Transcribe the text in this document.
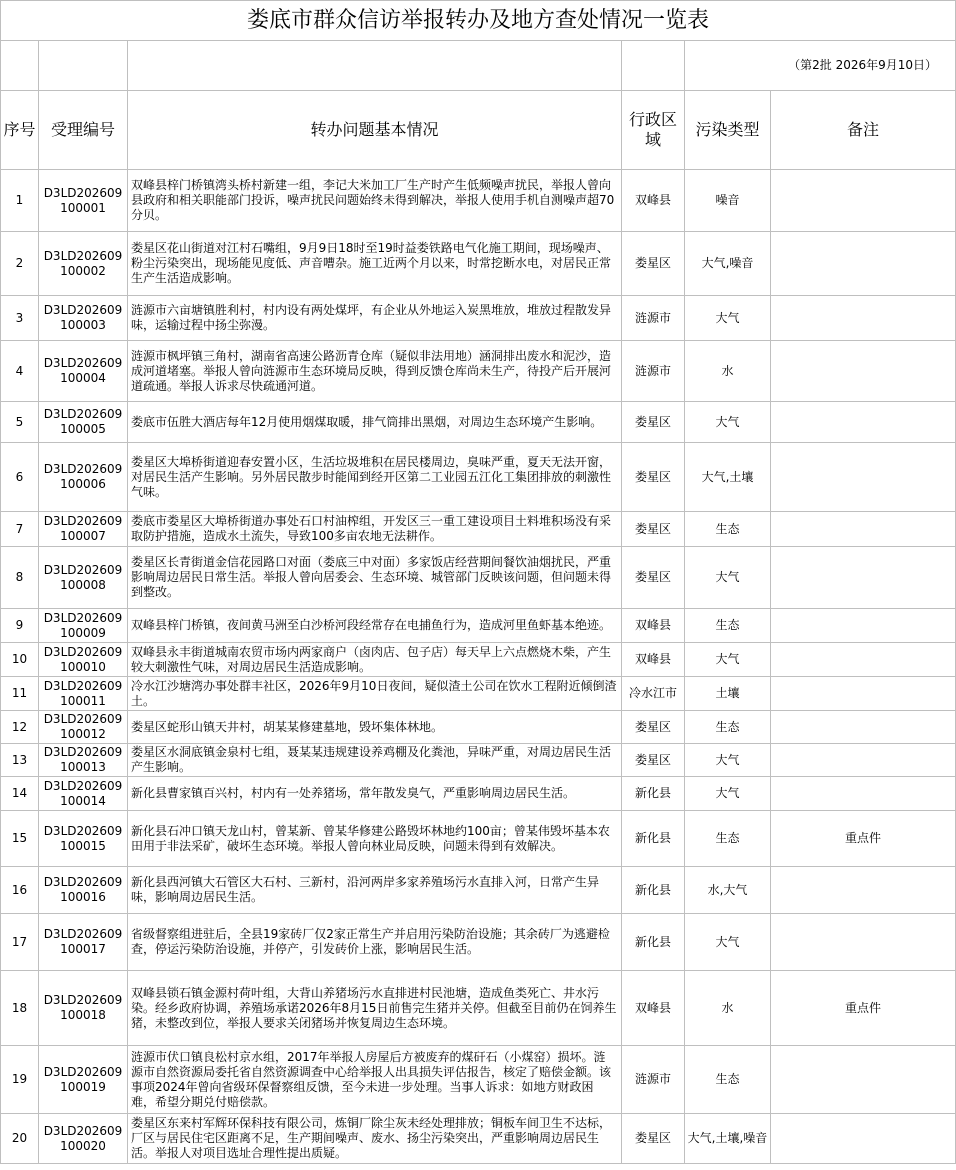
娄底市群众信访举报转办及地方查处情况一览表					
				（第2批 2026年9月10日）	
序号	受理编号	转办问题基本情况	行政区域	污染类型	备注
1	D3LD202609100001	双峰县梓门桥镇湾头桥村新建一组，李记大米加工厂生产时产生低频噪声扰民，举报人曾向县政府和相关职能部门投诉，噪声扰民问题始终未得到解决，举报人使用手机自测噪声超70分贝。	双峰县	噪音	
2	D3LD202609100002	娄星区花山街道对江村石嘴组，9月9日18时至19时益娄铁路电气化施工期间，现场噪声、粉尘污染突出，现场能见度低、声音嘈杂。施工近两个月以来，时常挖断水电，对居民正常生产生活造成影响。	娄星区	大气,噪音	
3	D3LD202609100003	涟源市六亩塘镇胜利村，村内设有两处煤坪，有企业从外地运入炭黑堆放，堆放过程散发异味，运输过程中扬尘弥漫。	涟源市	大气	
4	D3LD202609100004	涟源市枫坪镇三角村，湖南省高速公路沥青仓库（疑似非法用地）涵洞排出废水和泥沙，造成河道堵塞。举报人曾向涟源市生态环境局反映，得到反馈仓库尚未生产，待投产后开展河道疏通。举报人诉求尽快疏通河道。	涟源市	水	
5	D3LD202609100005	娄底市伍胜大酒店每年12月使用烟煤取暖，排气筒排出黑烟，对周边生态环境产生影响。	娄星区	大气	
6	D3LD202609100006	娄星区大埠桥街道迎春安置小区，生活垃圾堆积在居民楼周边，臭味严重，夏天无法开窗，对居民生活产生影响。另外居民散步时能闻到经开区第二工业园五江化工集团排放的刺激性气味。	娄星区	大气,土壤	
7	D3LD202609100007	娄底市娄星区大埠桥街道办事处石口村油榨组，开发区三一重工建设项目土料堆积场没有采取防护措施，造成水土流失，导致100多亩农地无法耕作。	娄星区	生态	
8	D3LD202609100008	娄星区长青街道金信花园路口对面（娄底三中对面）多家饭店经营期间餐饮油烟扰民，严重影响周边居民日常生活。举报人曾向居委会、生态环境、城管部门反映该问题，但问题未得到整改。	娄星区	大气	
9	D3LD202609100009	双峰县梓门桥镇，夜间黄马洲至白沙桥河段经常存在电捕鱼行为，造成河里鱼虾基本绝迹。	双峰县	生态	
10	D3LD202609100010	双峰县永丰街道城南农贸市场内两家商户（卤肉店、包子店）每天早上六点燃烧木柴，产生较大刺激性气味，对周边居民生活造成影响。	双峰县	大气	
11	D3LD202609100011	冷水江沙塘湾办事处群丰社区，2026年9月10日夜间，疑似渣土公司在饮水工程附近倾倒渣土。	冷水江市	土壤	
12	D3LD202609100012	娄星区蛇形山镇天井村，胡某某修建墓地，毁坏集体林地。	娄星区	生态	
13	D3LD202609100013	娄星区水洞底镇金泉村七组，聂某某违规建设养鸡棚及化粪池，异味严重，对周边居民生活产生影响。	娄星区	大气	
14	D3LD202609100014	新化县曹家镇百兴村，村内有一处养猪场，常年散发臭气，严重影响周边居民生活。	新化县	大气	
15	D3LD202609100015	新化县石冲口镇天龙山村，曾某新、曾某华修建公路毁坏林地约100亩；曾某伟毁坏基本农田用于非法采矿，破坏生态环境。举报人曾向林业局反映，问题未得到有效解决。	新化县	生态	重点件
16	D3LD202609100016	新化县西河镇大石管区大石村、三新村，沿河两岸多家养殖场污水直排入河，日常产生异味，影响周边居民生活。	新化县	水,大气	
17	D3LD202609100017	省级督察组进驻后，全县19家砖厂仅2家正常生产并启用污染防治设施；其余砖厂为逃避检查，停运污染防治设施，并停产，引发砖价上涨，影响居民生活。	新化县	大气	
18	D3LD202609100018	双峰县锁石镇金源村荷叶组，大背山养猪场污水直排进村民池塘，造成鱼类死亡、井水污染。经乡政府协调，养殖场承诺2026年8月15日前售完生猪并关停。但截至目前仍在饲养生猪，未整改到位，举报人要求关闭猪场并恢复周边生态环境。	双峰县	水	重点件
19	D3LD202609100019	涟源市伏口镇良松村京水组，2017年举报人房屋后方被废弃的煤矸石（小煤窑）损坏。涟源市自然资源局委托省自然资源调查中心给举报人出具损失评估报告，核定了赔偿金额。该事项2024年曾向省级环保督察组反馈，至今未进一步处理。当事人诉求：如地方财政困难，希望分期兑付赔偿款。	涟源市	生态	
20	D3LD202609100020	娄星区东来村军辉环保科技有限公司，炼铜厂除尘灰未经处理排放；铜板车间卫生不达标，厂区与居民住宅区距离不足，生产期间噪声、废水、扬尘污染突出，严重影响周边居民生活。举报人对项目选址合理性提出质疑。	娄星区	大气,土壤,噪音	
